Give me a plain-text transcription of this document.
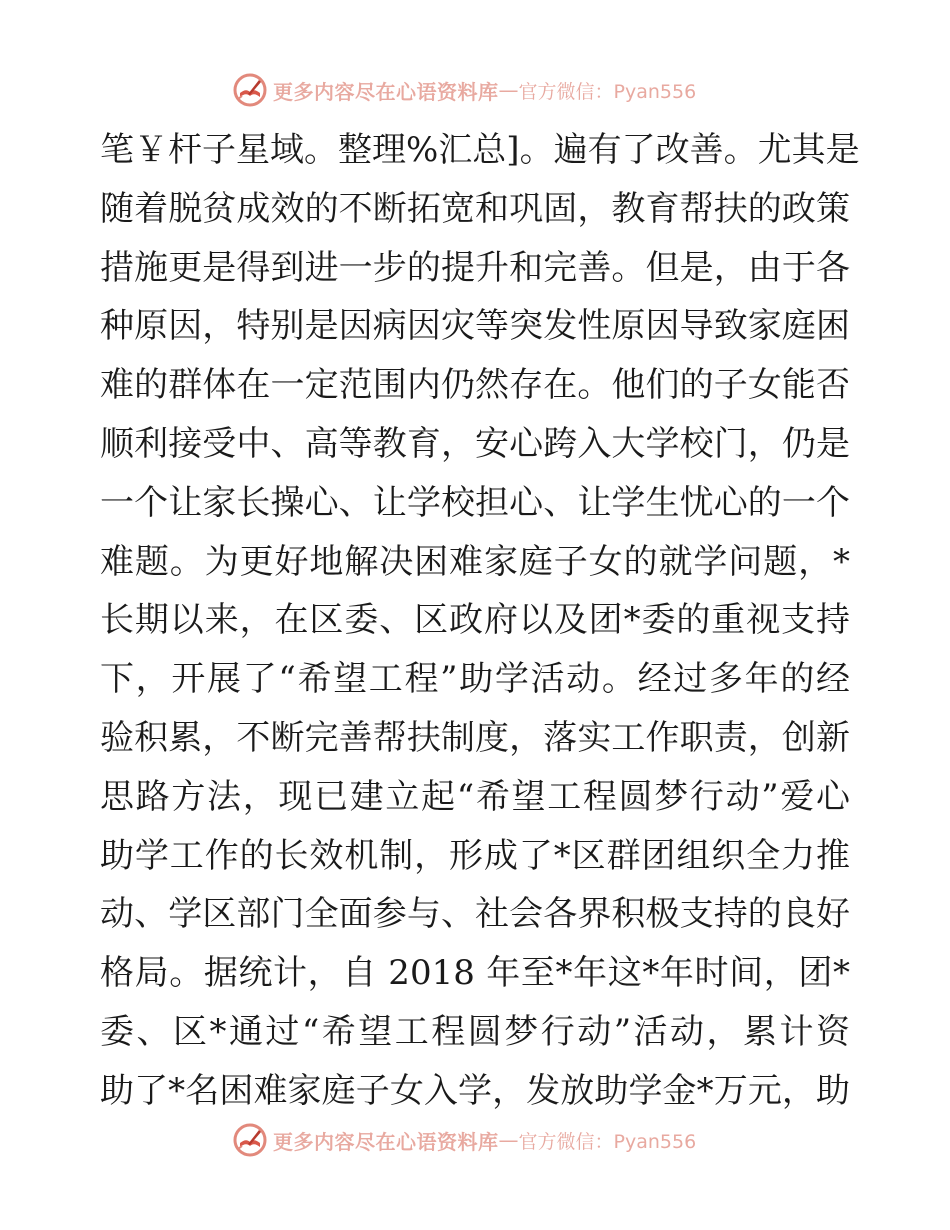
更多内容尽在心语资料库 — 官方微信：Pyan556
笔￥杆子星域。整理%汇总]。遍有了改善。尤其是
随着脱贫成效的不断拓宽和巩固，教育帮扶的政策
措施更是得到进一步的提升和完善。但是，由于各
种原因，特别是因病因灾等突发性原因导致家庭困
难的群体在一定范围内仍然存在。他们的子女能否
顺利接受中、高等教育，安心跨入大学校门，仍是
一个让家长操心、让学校担心、让学生忧心的一个
难题。为更好地解决困难家庭子女的就学问题，*
长期以来，在区委、区政府以及团*委的重视支持
下，开展了“希望工程”助学活动。经过多年的经
验积累，不断完善帮扶制度，落实工作职责，创新
思路方法，现已建立起“希望工程圆梦行动”爱心
助学工作的长效机制，形成了*区群团组织全力推
动、学区部门全面参与、社会各界积极支持的良好
格局。据统计，自 2018 年至*年这*年时间，团*
委、区*通过“希望工程圆梦行动”活动，累计资
助了*名困难家庭子女入学，发放助学金*万元，助
更多内容尽在心语资料库 — 官方微信：Pyan556
